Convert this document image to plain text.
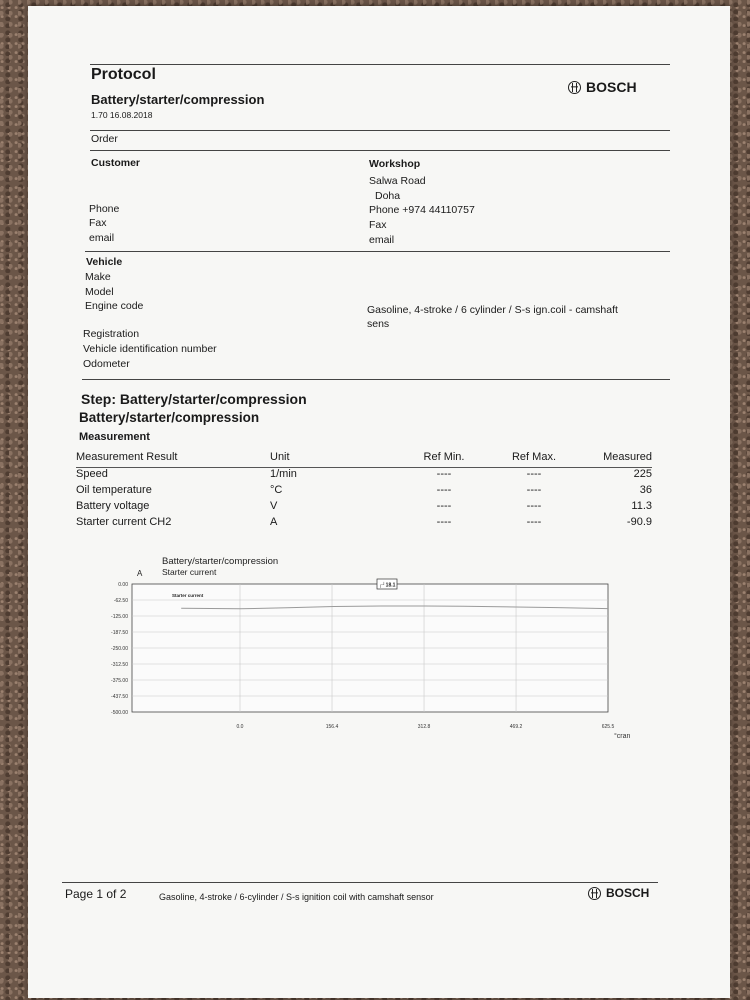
Protocol
Battery/starter/compression
1.70 16.08.2018
BOSCH
Order
Customer
Phone
Fax
email
Workshop
Salwa Road
Doha
Phone +974 44110757
Fax
email
Vehicle
Make
Model
Engine code	Gasoline, 4-stroke / 6 cylinder / S-s ign.coil - camshaft
sens
Registration
Vehicle identification number
Odometer
Step: Battery/starter/compression
Battery/starter/compression
Measurement
Measurement Result	Unit	Ref Min.	Ref Max.	Measured
Speed	1/min	----	----	225
Oil temperature	°C	----	----	36
Battery voltage	V	----	----	11.3
Starter current CH2	A	----	----	-90.9
Battery/starter/compression
Starter current
A
0.00
-62.50
-125.00
-187.50
-250.00
-312.50
-375.00
-437.50
-500.00
0.0	156.4	312.8	469.2	625.5
°cran
Starter current
┌┘18.1
Page 1 of 2	Gasoline, 4-stroke / 6-cylinder / S-s ignition coil with camshaft sensor	BOSCH
